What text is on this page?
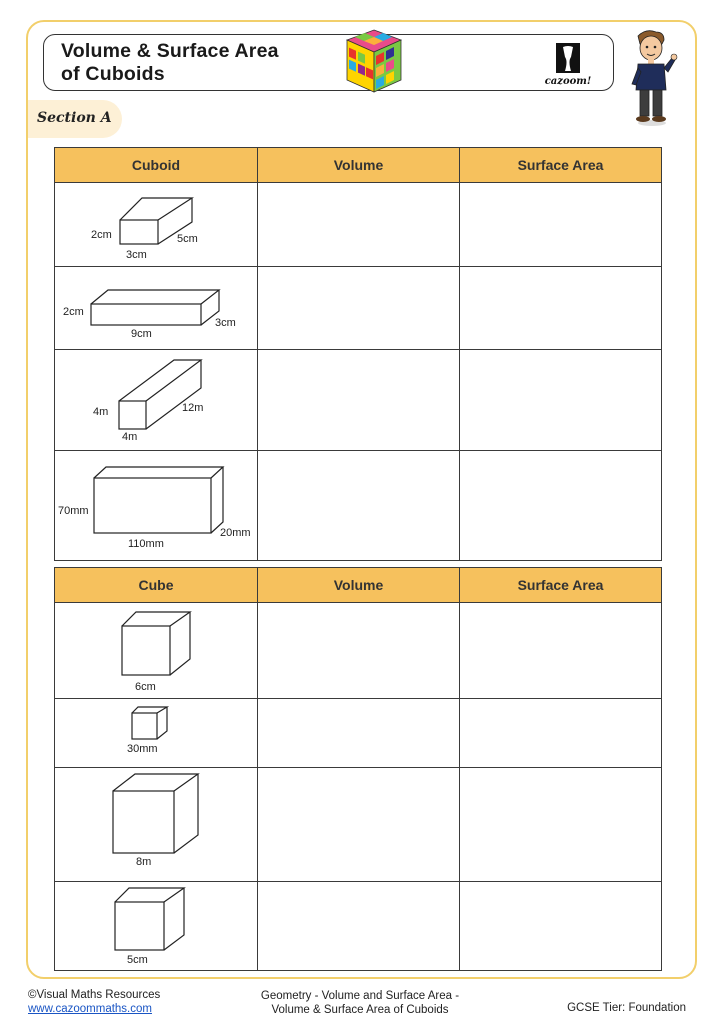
Volume & Surface Area
of Cuboids	cazoom!
Section A
Cuboid	Volume	Surface Area

2cm 5cm
3cm		

2cm
3cm
9cm		

4m 12m
4m		

70mm
20mm
110mm		

Cube	Volume	Surface Area

6cm		

30mm		

8m		

5cm		

©Visual Maths Resources
www.cazoommaths.com
Geometry - Volume and Surface Area -
Volume & Surface Area of Cuboids	GCSE Tier: Foundation
